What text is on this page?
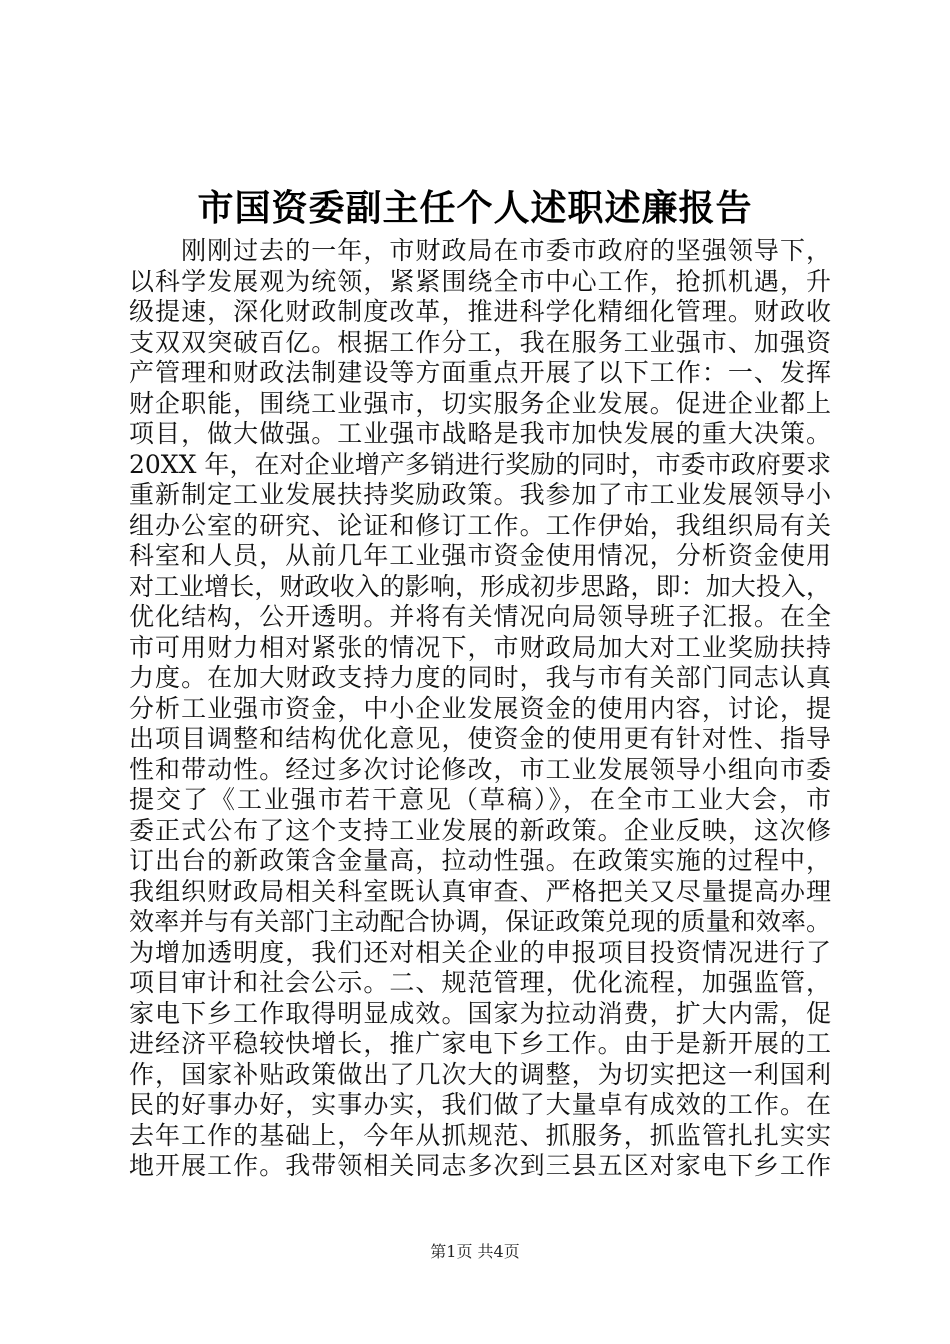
市国资委副主任个人述职述廉报告
　　刚刚过去的一年，市财政局在市委市政府的坚强领导下，
以科学发展观为统领，紧紧围绕全市中心工作，抢抓机遇，升
级提速，深化财政制度改革，推进科学化精细化管理。财政收
支双双突破百亿。根据工作分工，我在服务工业强市、加强资
产管理和财政法制建设等方面重点开展了以下工作：一、发挥
财企职能，围绕工业强市，切实服务企业发展。促进企业都上
项目，做大做强。工业强市战略是我市加快发展的重大决策。
20XX 年，在对企业增产多销进行奖励的同时，市委市政府要求
重新制定工业发展扶持奖励政策。我参加了市工业发展领导小
组办公室的研究、论证和修订工作。工作伊始，我组织局有关
科室和人员，从前几年工业强市资金使用情况，分析资金使用
对工业增长，财政收入的影响，形成初步思路，即：加大投入，
优化结构，公开透明。并将有关情况向局领导班子汇报。在全
市可用财力相对紧张的情况下，市财政局加大对工业奖励扶持
力度。在加大财政支持力度的同时，我与市有关部门同志认真
分析工业强市资金，中小企业发展资金的使用内容，讨论，提
出项目调整和结构优化意见，使资金的使用更有针对性、指导
性和带动性。经过多次讨论修改，市工业发展领导小组向市委
提交了《工业强市若干意见（草稿）》，在全市工业大会，市
委正式公布了这个支持工业发展的新政策。企业反映，这次修
订出台的新政策含金量高，拉动性强。在政策实施的过程中，
我组织财政局相关科室既认真审查、严格把关又尽量提高办理
效率并与有关部门主动配合协调，保证政策兑现的质量和效率。
为增加透明度，我们还对相关企业的申报项目投资情况进行了
项目审计和社会公示。二、规范管理，优化流程，加强监管，
家电下乡工作取得明显成效。国家为拉动消费，扩大内需，促
进经济平稳较快增长，推广家电下乡工作。由于是新开展的工
作，国家补贴政策做出了几次大的调整，为切实把这一利国利
民的好事办好，实事办实，我们做了大量卓有成效的工作。在
去年工作的基础上，今年从抓规范、抓服务，抓监管扎扎实实
地开展工作。我带领相关同志多次到三县五区对家电下乡工作
第1页 共4页
